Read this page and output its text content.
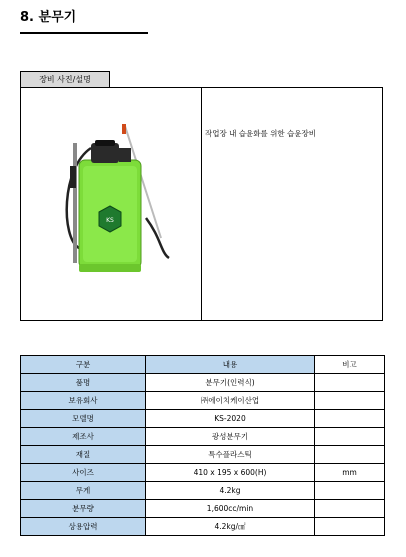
8. 분무기
장비 사진/설명
KS
작업장 내 습윤화를 위한 습윤장비
구분	내용	비고
품명	분무기(인력식)	
보유회사	㈜에이치케이산업	
모델명	KS-2020	
제조사	광성분무기	
재질	특수플라스틱	
사이즈	410 x 195 x 600(H)	mm
무게	4.2kg	
분무량	1,600cc/min	
상용압력	4.2kg/㎠	
